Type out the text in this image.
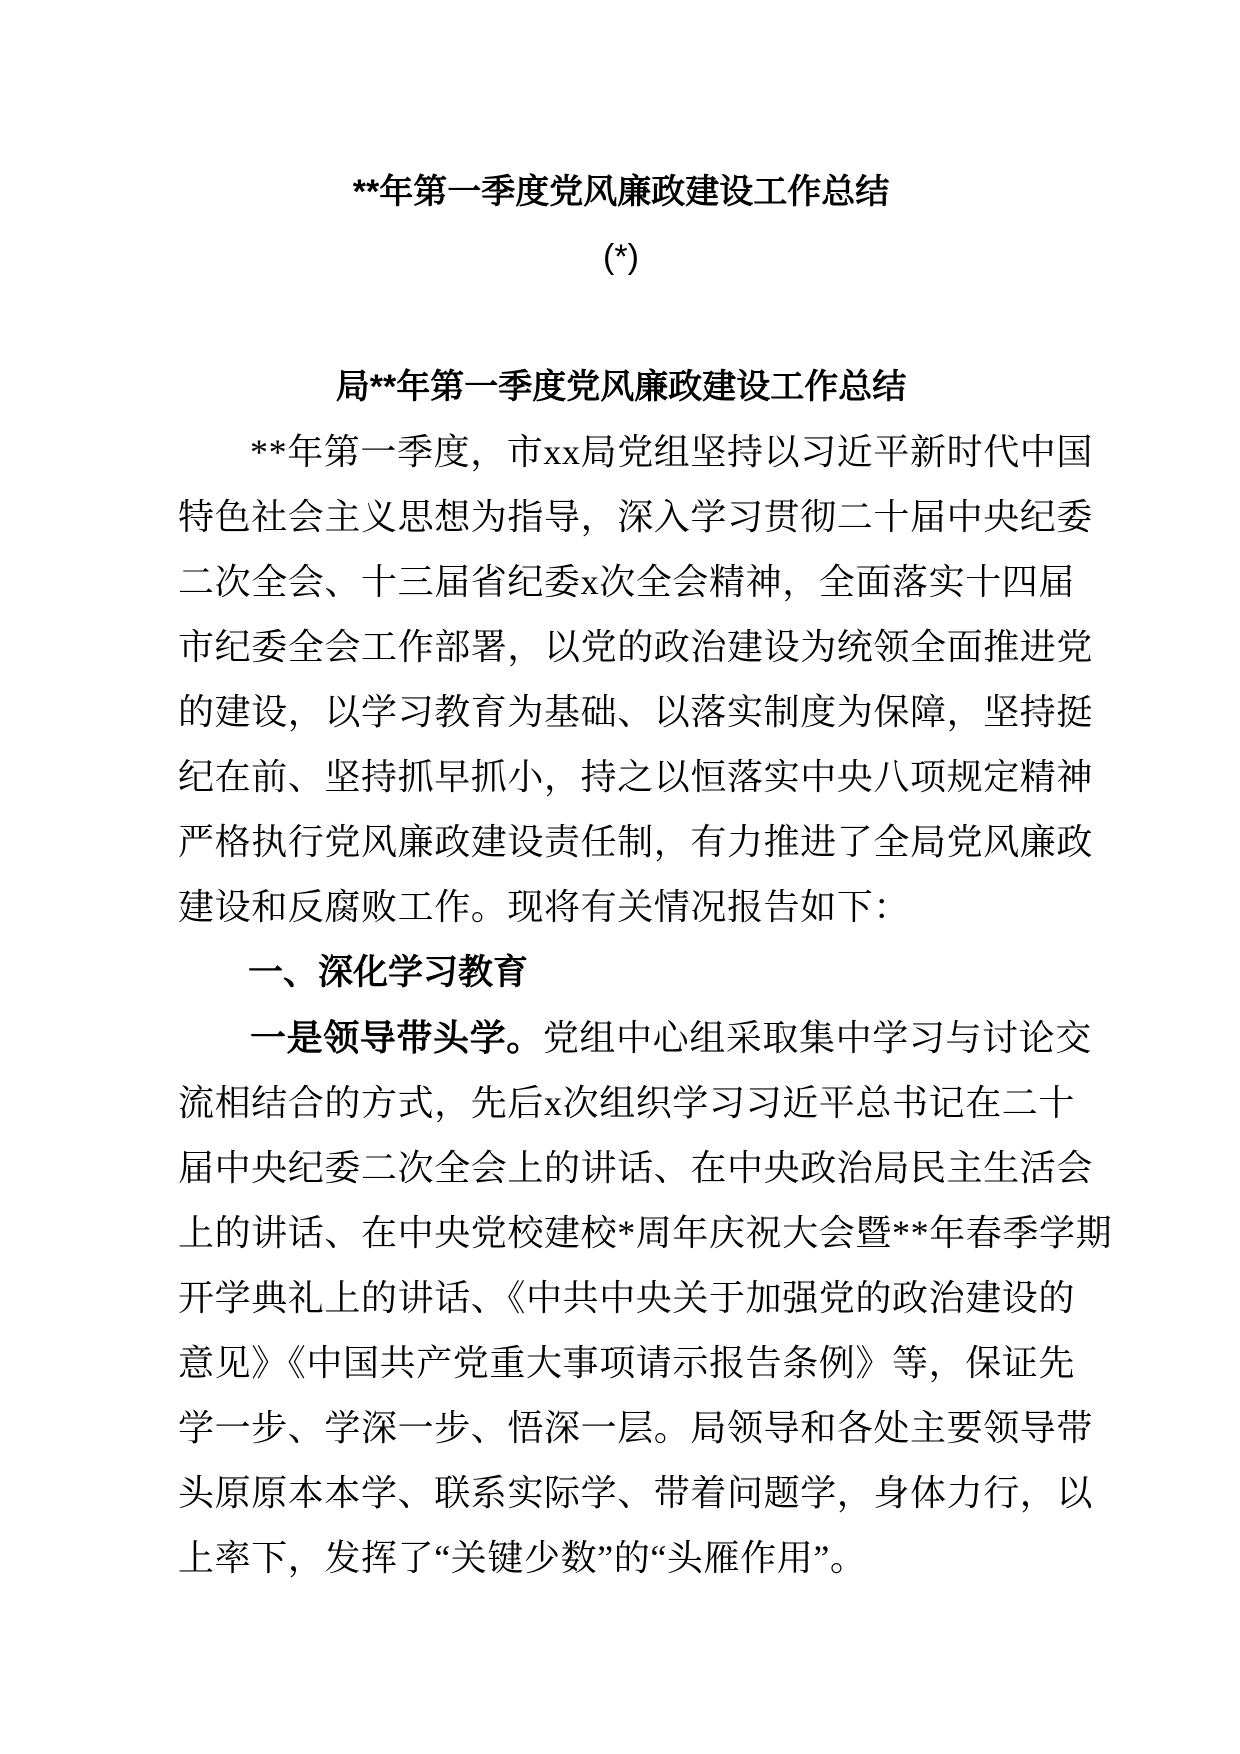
**年第一季度党风廉政建设工作总结
(*)
局**年第一季度党风廉政建设工作总结
**年第一季度，市xx局党组坚持以习近平新时代中国
特色社会主义思想为指导，深入学习贯彻二十届中央纪委
二次全会、十三届省纪委x次全会精神，全面落实十四届
市纪委全会工作部署，以党的政治建设为统领全面推进党
的建设，以学习教育为基础、以落实制度为保障，坚持挺
纪在前、坚持抓早抓小，持之以恒落实中央八项规定精神
严格执行党风廉政建设责任制，有力推进了全局党风廉政
建设和反腐败工作。现将有关情况报告如下：
一、深化学习教育
一是领导带头学。党组中心组采取集中学习与讨论交
流相结合的方式，先后x次组织学习习近平总书记在二十
届中央纪委二次全会上的讲话、在中央政治局民主生活会
上的讲话、在中央党校建校*周年庆祝大会暨**年春季学期
开学典礼上的讲话、《中共中央关于加强党的政治建设的
意见》《中国共产党重大事项请示报告条例》等，保证先
学一步、学深一步、悟深一层。局领导和各处主要领导带
头原原本本学、联系实际学、带着问题学，身体力行，以
上率下，发挥了“关键少数”的“头雁作用”。
